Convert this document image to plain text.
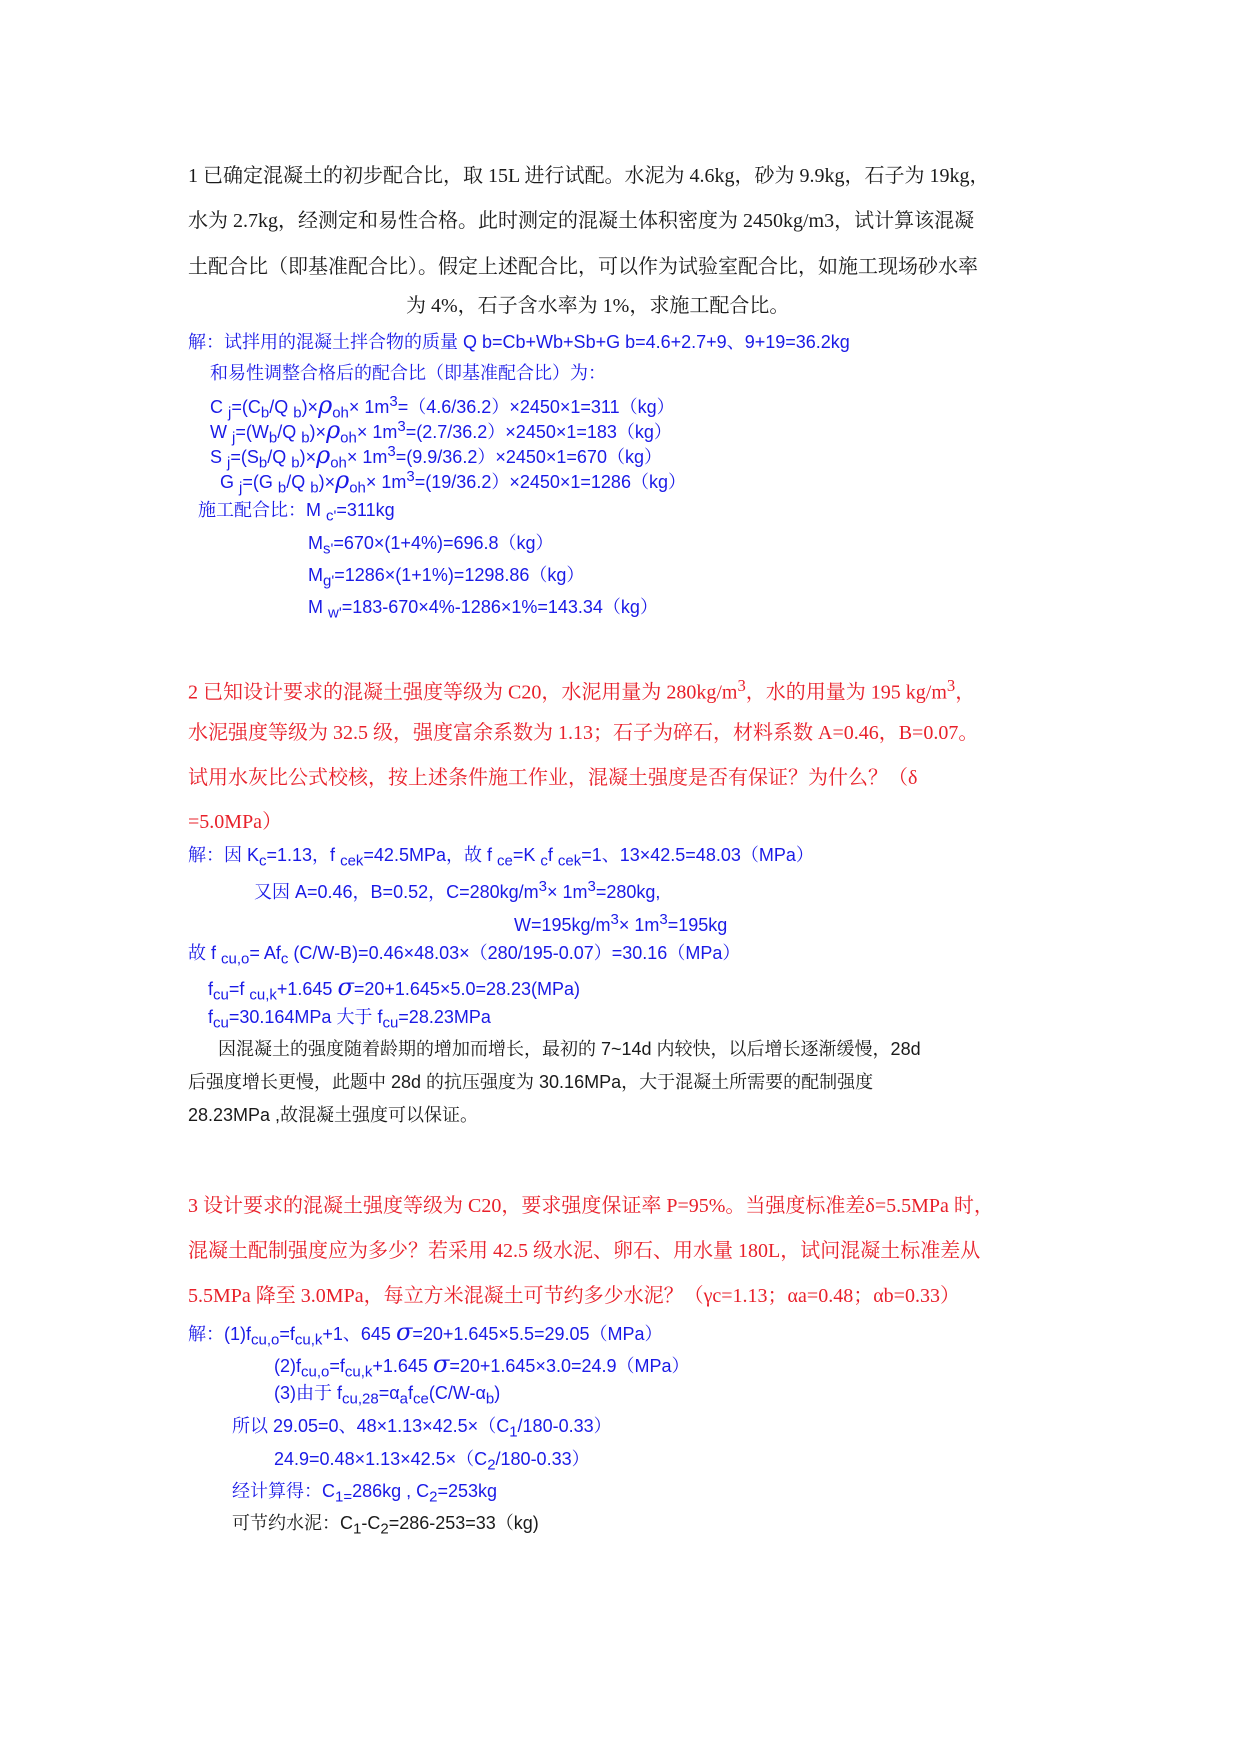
1 已确定混凝土的初步配合比，取 15L 进行试配。水泥为 4.6kg，砂为 9.9kg，石子为 19kg，
水为 2.7kg，经测定和易性合格。此时测定的混凝土体积密度为 2450kg/m3，试计算该混凝
土配合比（即基准配合比）。假定上述配合比，可以作为试验室配合比，如施工现场砂水率
为 4%，石子含水率为 1%，求施工配合比。
解：试拌用的混凝土拌合物的质量 Q b=Cb+Wb+Sb+G b=4.6+2.7+9、9+19=36.2kg
和易性调整合格后的配合比（即基准配合比）为：
C $_j=(C_b/Q$ $_b)\times\rho_{oh}\times 1m^3=(4.6/36.2)\times 2450\times 1=311(kg)$
W $_j=(W_b/Q$ $_b)\times\rho_{oh}\times 1m^3=(2.7/36.2)\times 2450\times 1=183(kg)$
S $_j=(S_b/Q$ $_b)\times\rho_{oh}\times 1m^3=(9.9/36.2)\times 2450\times 1=670(kg)$
G $_j$=(G $_b$/Q $_b)\times\rho_{oh}\times 1m^3=(19/36.2)\times 2450\times 1=1286(kg)$
施工配合比：M $_{c'}$=311kg
$M_{s'}=670\times(1+4\%)=696.8(kg)$
$M_{g'}=1286\times(1+1\%)=1298.86(kg)$
M $_{w'}$=183-670×4%-1286×1%=143.34（kg）
2 已知设计要求的混凝土强度等级为 C20，水泥用量为 $280kg/m^3$，水的用量为 195 $kg/m^3$，
水泥强度等级为 32.5 级，强度富余系数为 1.13；石子为碎石，材料系数 A=0.46，B=0.07。
试用水灰比公式校核，按上述条件施工作业，混凝土强度是否有保证？为什么？（δ
=5.0MPa）
解：因 $K_c=1.13$，f $_{cek}$=42.5MPa，故 f $_{ce}$=K $_c$f $_{cek}$=1、13×42.5=48.03（MPa）
又因 A=0.46，B=0.52，$C=280kg/m^3\times 1m^3=280kg$,
$W=195kg/m^3\times 1m^3=195kg$
故 f $_{cu,o}= Af_c$ (C/W-B)=0.46×48.03×（280/195-0.07）=30.16（MPa）
$f_{cu}=f$ $_{cu,k}$+1.645 σ=20+1.645×5.0=28.23(MPa)
$f_{cu}=30.164MPa$ 大于 $f_{cu}=28.23MPa$
因混凝土的强度随着龄期的增加而增长，最初的 7~14d 内较快，以后增长逐渐缓慢，28d
后强度增长更慢，此题中 28d 的抗压强度为 30.16MPa，大于混凝土所需要的配制强度
28.23MPa ,故混凝土强度可以保证。
3 设计要求的混凝土强度等级为 C20，要求强度保证率 P=95%。当强度标准差δ=5.5MPa 时，
混凝土配制强度应为多少？若采用 42.5 级水泥、卵石、用水量 180L，试问混凝土标准差从
5.5MPa 降至 3.0MPa，每立方米混凝土可节约多少水泥？（γc=1.13；αa=0.48；αb=0.33）
解：$(1)f_{cu,o}=f_{cu,k}+1$、645 σ=20+1.645×5.5=29.05（MPa）
$(2)f_{cu,o}=f_{cu,k}+1.645$ σ=20+1.645×3.0=24.9（MPa）
(3)由于 $f_{cu,28}=\alpha_af_{ce}(C/W-\alpha_b)$
所以 29.05=0、$48\times 1.13\times 42.5\times(C_1/180-0.33)$
$24.9=0.48\times 1.13\times 42.5\times(C_2/180-0.33)$
经计算得：$C_{1=}286kg$ , $C_2=253kg$
可节约水泥：$C_1-C_2=286-253=33(kg)$
